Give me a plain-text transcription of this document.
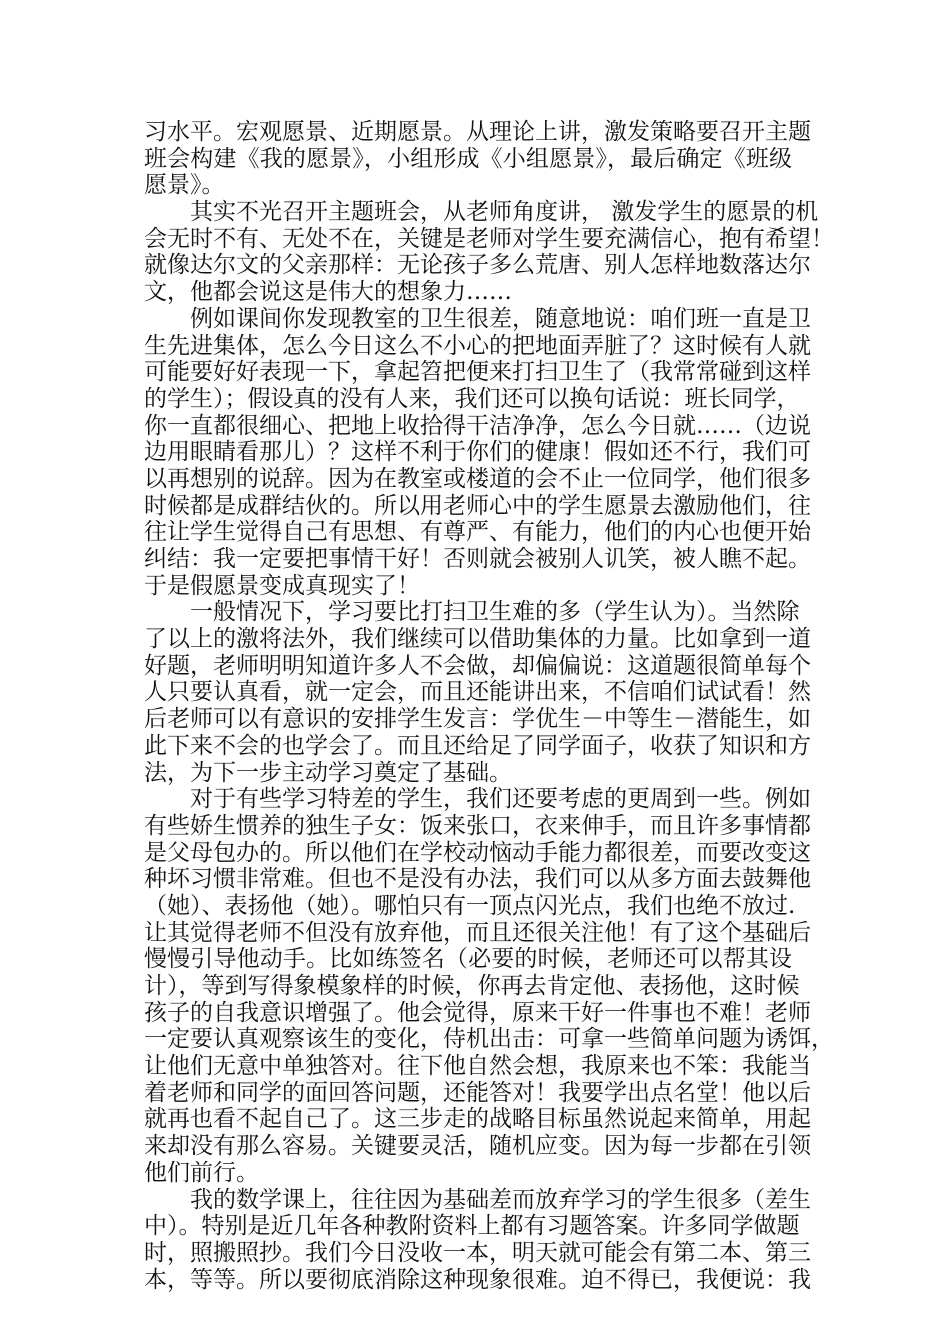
习水平。宏观愿景、近期愿景。从理论上讲，激发策略要召开主题
班会构建《我的愿景》，小组形成《小组愿景》，最后确定《班级
愿景》。
其实不光召开主题班会，从老师角度讲， 激发学生的愿景的机
会无时不有、无处不在，关键是老师对学生要充满信心，抱有希望！
就像达尔文的父亲那样：无论孩子多么荒唐、别人怎样地数落达尔
文，他都会说这是伟大的想象力……
例如课间你发现教室的卫生很差，随意地说：咱们班一直是卫
生先进集体，怎么今日这么不小心的把地面弄脏了？这时候有人就
可能要好好表现一下，拿起笤把便来打扫卫生了（我常常碰到这样
的学生）；假设真的没有人来，我们还可以换句话说：班长同学，
你一直都很细心、把地上收拾得干洁净净，怎么今日就……（边说
边用眼睛看那儿）？这样不利于你们的健康！假如还不行，我们可
以再想别的说辞。因为在教室或楼道的会不止一位同学，他们很多
时候都是成群结伙的。所以用老师心中的学生愿景去激励他们，往
往让学生觉得自己有思想、有尊严、有能力，他们的内心也便开始
纠结：我一定要把事情干好！否则就会被别人讥笑，被人瞧不起。
于是假愿景变成真现实了！
一般情况下，学习要比打扫卫生难的多（学生认为）。当然除
了以上的激将法外，我们继续可以借助集体的力量。比如拿到一道
好题，老师明明知道许多人不会做，却偏偏说：这道题很简单每个
人只要认真看，就一定会，而且还能讲出来，不信咱们试试看！然
后老师可以有意识的安排学生发言：学优生－中等生－潜能生，如
此下来不会的也学会了。而且还给足了同学面子，收获了知识和方
法，为下一步主动学习奠定了基础。
对于有些学习特差的学生，我们还要考虑的更周到一些。例如
有些娇生惯养的独生子女：饭来张口，衣来伸手，而且许多事情都
是父母包办的。所以他们在学校动恼动手能力都很差，而要改变这
种坏习惯非常难。但也不是没有办法，我们可以从多方面去鼓舞他
（她）、表扬他（她）。哪怕只有一顶点闪光点，我们也绝不放过.
让其觉得老师不但没有放弃他，而且还很关注他！有了这个基础后
慢慢引导他动手。比如练签名（必要的时候，老师还可以帮其设
计），等到写得象模象样的时候，你再去肯定他、表扬他，这时候
孩子的自我意识增强了。他会觉得，原来干好一件事也不难！老师
一定要认真观察该生的变化，侍机出击：可拿一些简单问题为诱饵，
让他们无意中单独答对。往下他自然会想，我原来也不笨：我能当
着老师和同学的面回答问题，还能答对！我要学出点名堂！他以后
就再也看不起自己了。这三步走的战略目标虽然说起来简单，用起
来却没有那么容易。关键要灵活，随机应变。因为每一步都在引领
他们前行。
我的数学课上，往往因为基础差而放弃学习的学生很多（差生
中）。特别是近几年各种教附资料上都有习题答案。许多同学做题
时，照搬照抄。我们今日没收一本，明天就可能会有第二本、第三
本，等等。所以要彻底消除这种现象很难。迫不得已，我便说：我
